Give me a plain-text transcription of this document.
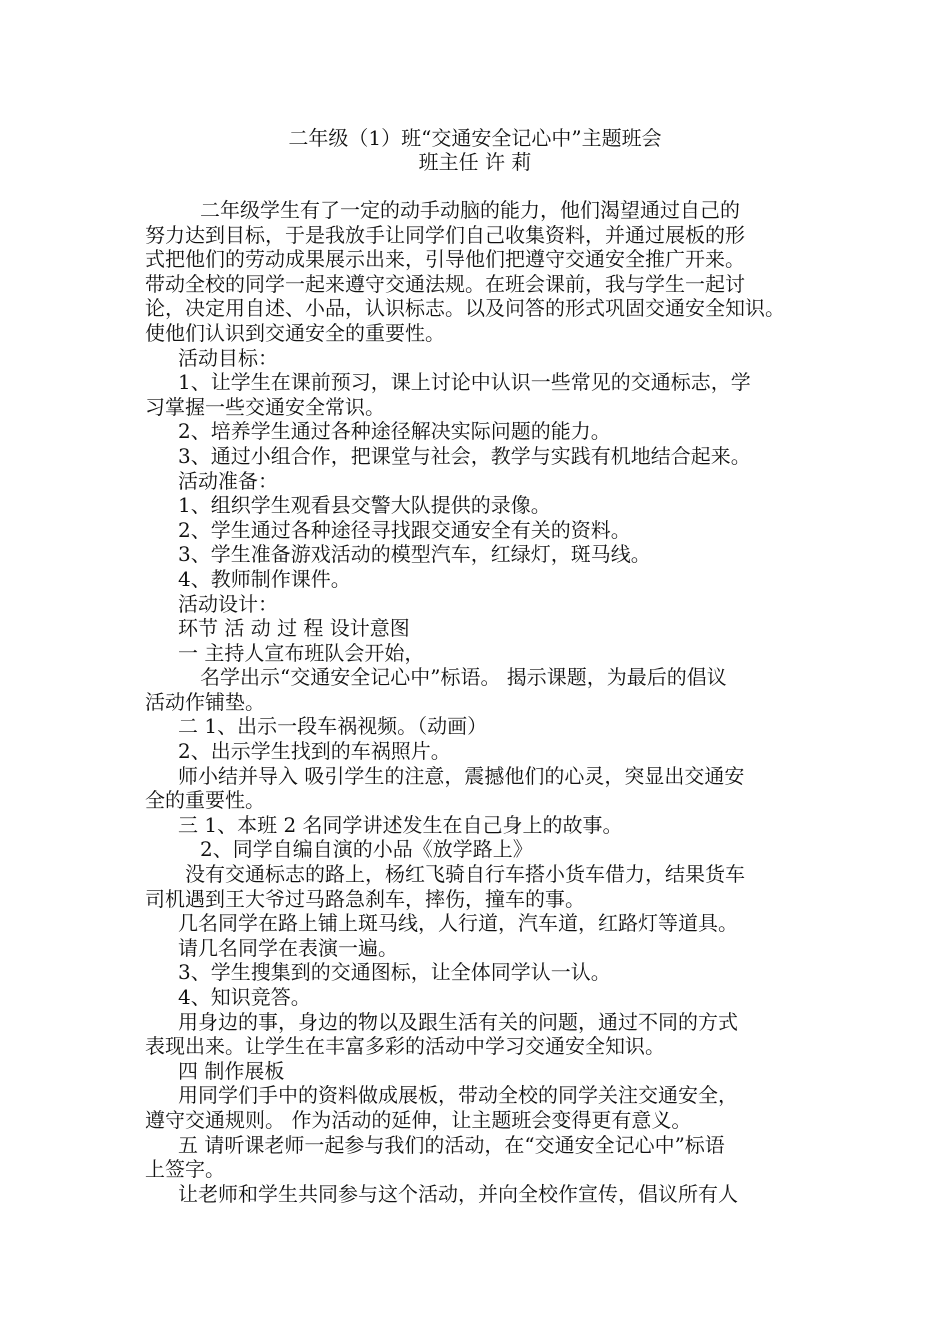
二年级（1）班“交通安全记心中”主题班会
班主任 许 莉
二年级学生有了一定的动手动脑的能力，他们渴望通过自己的
努力达到目标，于是我放手让同学们自己收集资料，并通过展板的形
式把他们的劳动成果展示出来，引导他们把遵守交通安全推广开来。
带动全校的同学一起来遵守交通法规。在班会课前，我与学生一起讨
论，决定用自述、小品，认识标志。以及问答的形式巩固交通安全知识。
使他们认识到交通安全的重要性。
活动目标：
1、让学生在课前预习，课上讨论中认识一些常见的交通标志，学
习掌握一些交通安全常识。
2、培养学生通过各种途径解决实际问题的能力。
3、通过小组合作，把课堂与社会，教学与实践有机地结合起来。
活动准备：
1、组织学生观看县交警大队提供的录像。
2、学生通过各种途径寻找跟交通安全有关的资料。
3、学生准备游戏活动的模型汽车，红绿灯，斑马线。
4、教师制作课件。
活动设计：
环节 活 动 过 程 设计意图
一 主持人宣布班队会开始，
名学出示“交通安全记心中”标语。 揭示课题，为最后的倡议
活动作铺垫。
二 1、出示一段车祸视频。（动画）
2、出示学生找到的车祸照片。
师小结并导入 吸引学生的注意，震撼他们的心灵，突显出交通安
全的重要性。
三 1、本班 2 名同学讲述发生在自己身上的故事。
2、同学自编自演的小品《放学路上》
没有交通标志的路上，杨红飞骑自行车搭小货车借力，结果货车
司机遇到王大爷过马路急刹车，摔伤，撞车的事。
几名同学在路上铺上斑马线，人行道，汽车道，红路灯等道具。
请几名同学在表演一遍。
3、学生搜集到的交通图标，让全体同学认一认。
4、知识竞答。
用身边的事，身边的物以及跟生活有关的问题，通过不同的方式
表现出来。让学生在丰富多彩的活动中学习交通安全知识。
四 制作展板
用同学们手中的资料做成展板，带动全校的同学关注交通安全，
遵守交通规则。 作为活动的延伸，让主题班会变得更有意义。
五 请听课老师一起参与我们的活动，在“交通安全记心中”标语
上签字。
让老师和学生共同参与这个活动，并向全校作宣传，倡议所有人
